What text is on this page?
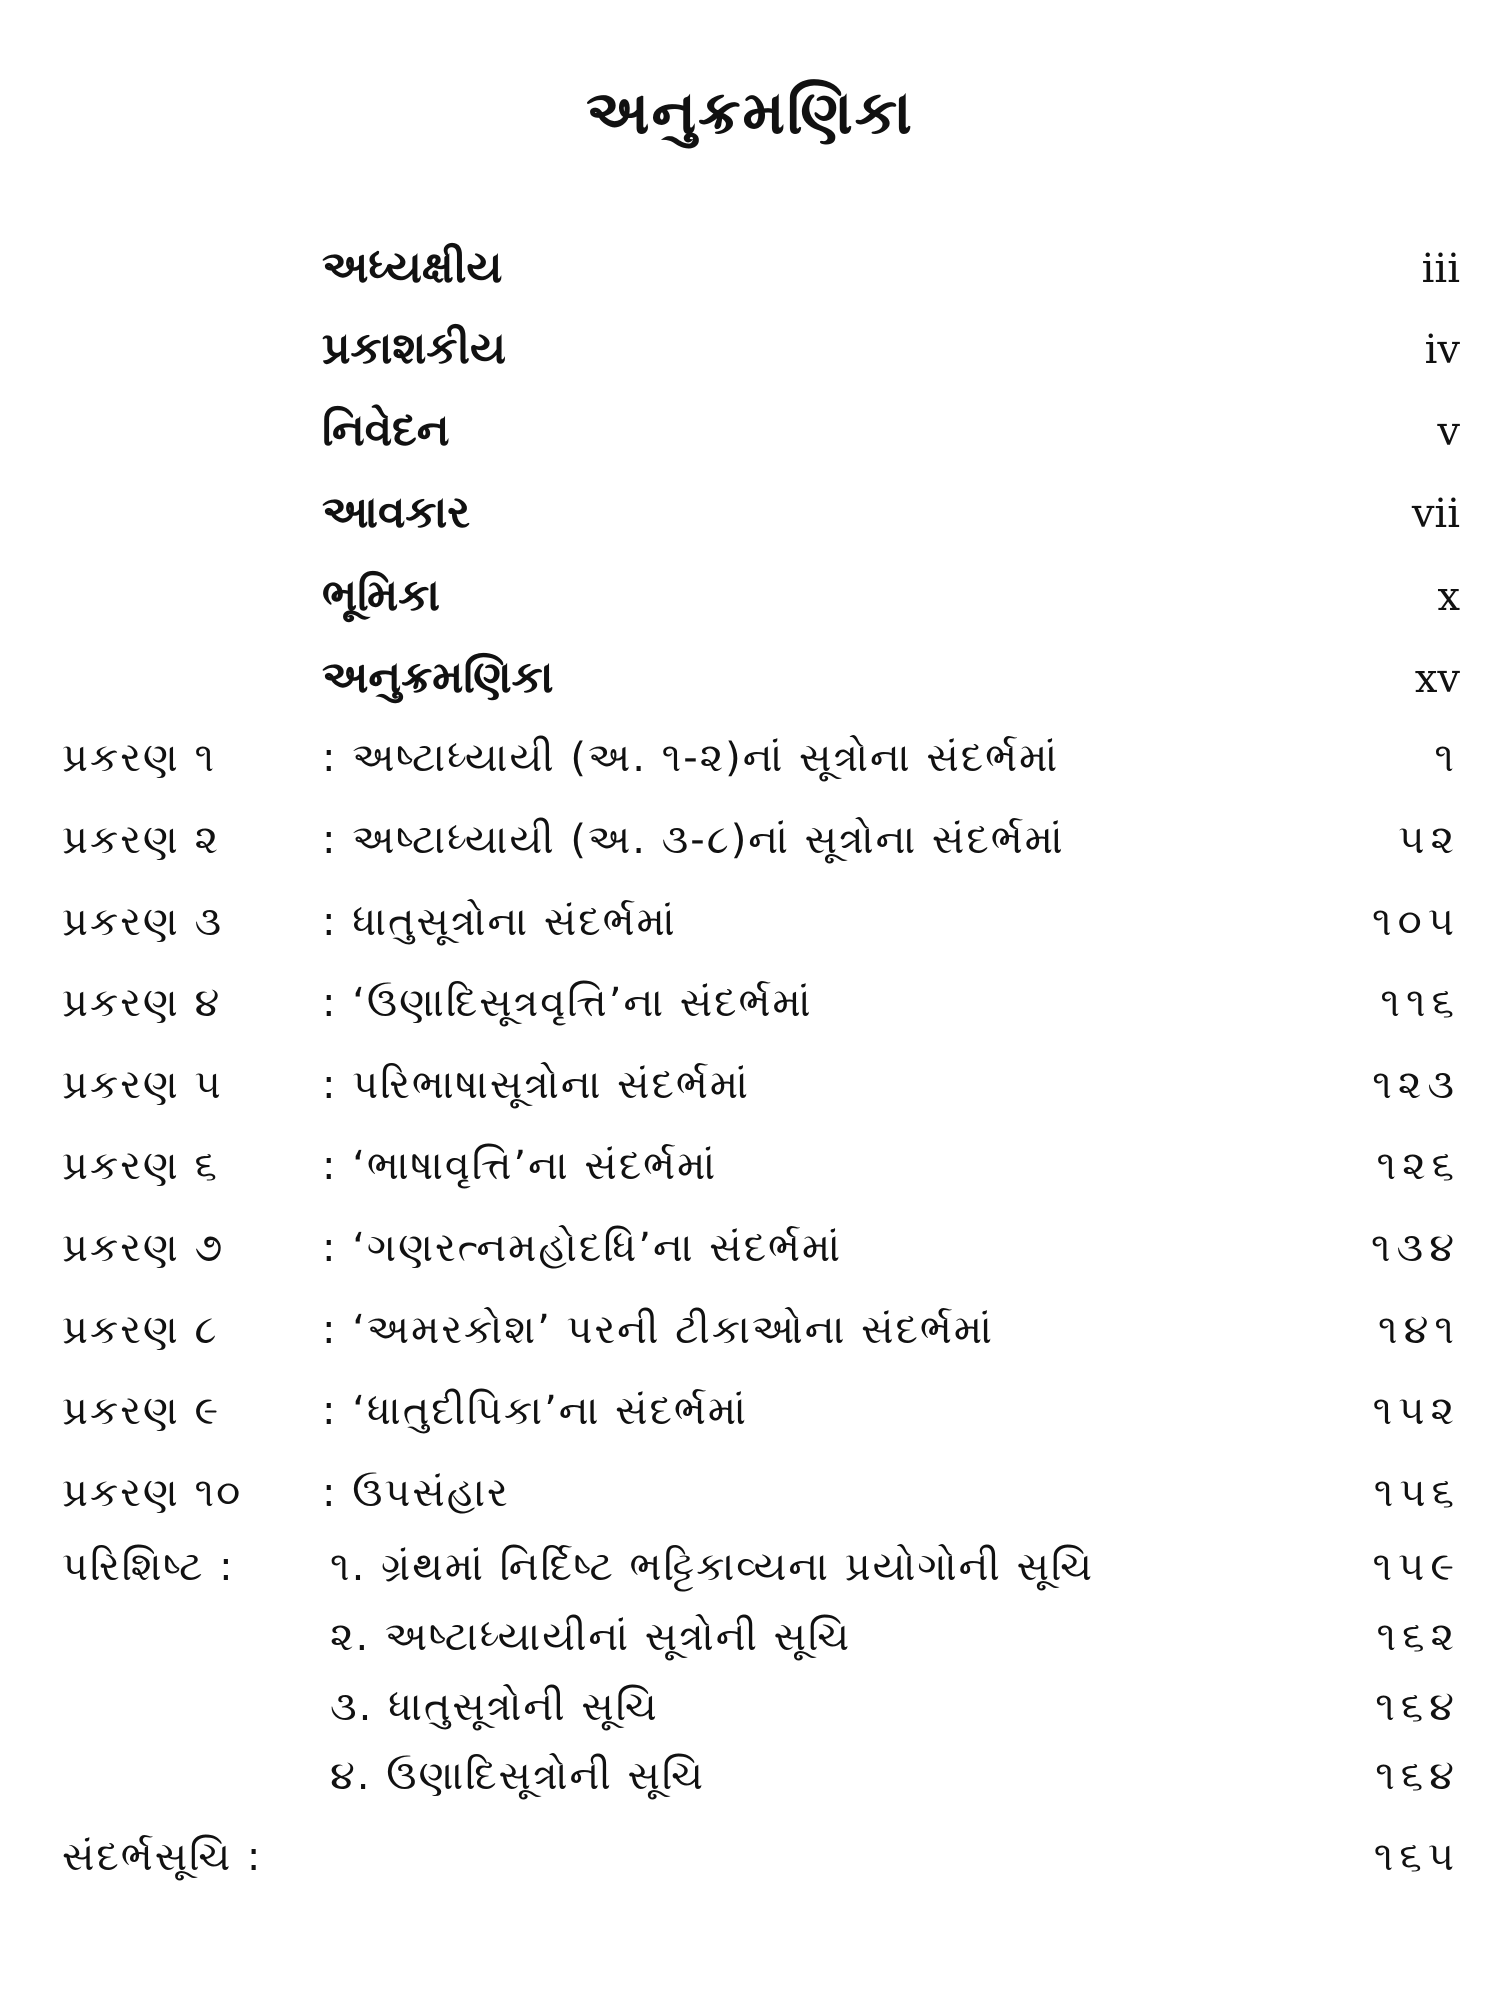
અનુક્રમણિકા
અધ્યક્ષીય	iii
પ્રકાશકીય	iv
નિવેદન	v
આવકાર	vii
ભૂમિકા	x
અનુક્રમણિકા	xv
પ્રકરણ ૧	: અષ્ટાધ્યાયી (અ. ૧-૨)નાં સૂત્રોના સંદર્ભમાં	૧
પ્રકરણ ૨	: અષ્ટાધ્યાયી (અ. ૩-૮)નાં સૂત્રોના સંદર્ભમાં	૫૨
પ્રકરણ ૩ : ધાતુસૂત્રોના સંદર્ભમાં	૧૦૫
પ્રકરણ ૪	: ‘ઉણાદિસૂત્રવૃત્તિ’ના સંદર્ભમાં	૧૧૬
પ્રકરણ ૫ : પરિભાષાસૂત્રોના સંદર્ભમાં	૧૨૩
પ્રકરણ ૬	: ‘ભાષાવૃત્તિ’ના સંદર્ભમાં	૧૨૬
પ્રકરણ ૭ : ‘ગણરત્નમહોદધિ’ના સંદર્ભમાં	૧૩૪
પ્રકરણ ૮	: ‘અમરકોશ’ પરની ટીકાઓના સંદર્ભમાં	૧૪૧
પ્રકરણ ૯	: ‘ધાતુદીપિકા’ના સંદર્ભમાં	૧૫૨
પ્રકરણ ૧૦ : ઉપસંહાર	૧૫૬
પરિશિષ્ટ : ૧. ગ્રંથમાં નિર્દિષ્ટ ભટ્ટિકાવ્યના પ્રયોગોની સૂચિ	૧૫૯
૨. અષ્ટાધ્યાયીનાં સૂત્રોની સૂચિ	૧૬૨
૩. ધાતુસૂત્રોની સૂચિ	૧૬૪
૪. ઉણાદિસૂત્રોની સૂચિ	૧૬૪
સંદર્ભસૂચિ :	૧૬૫
